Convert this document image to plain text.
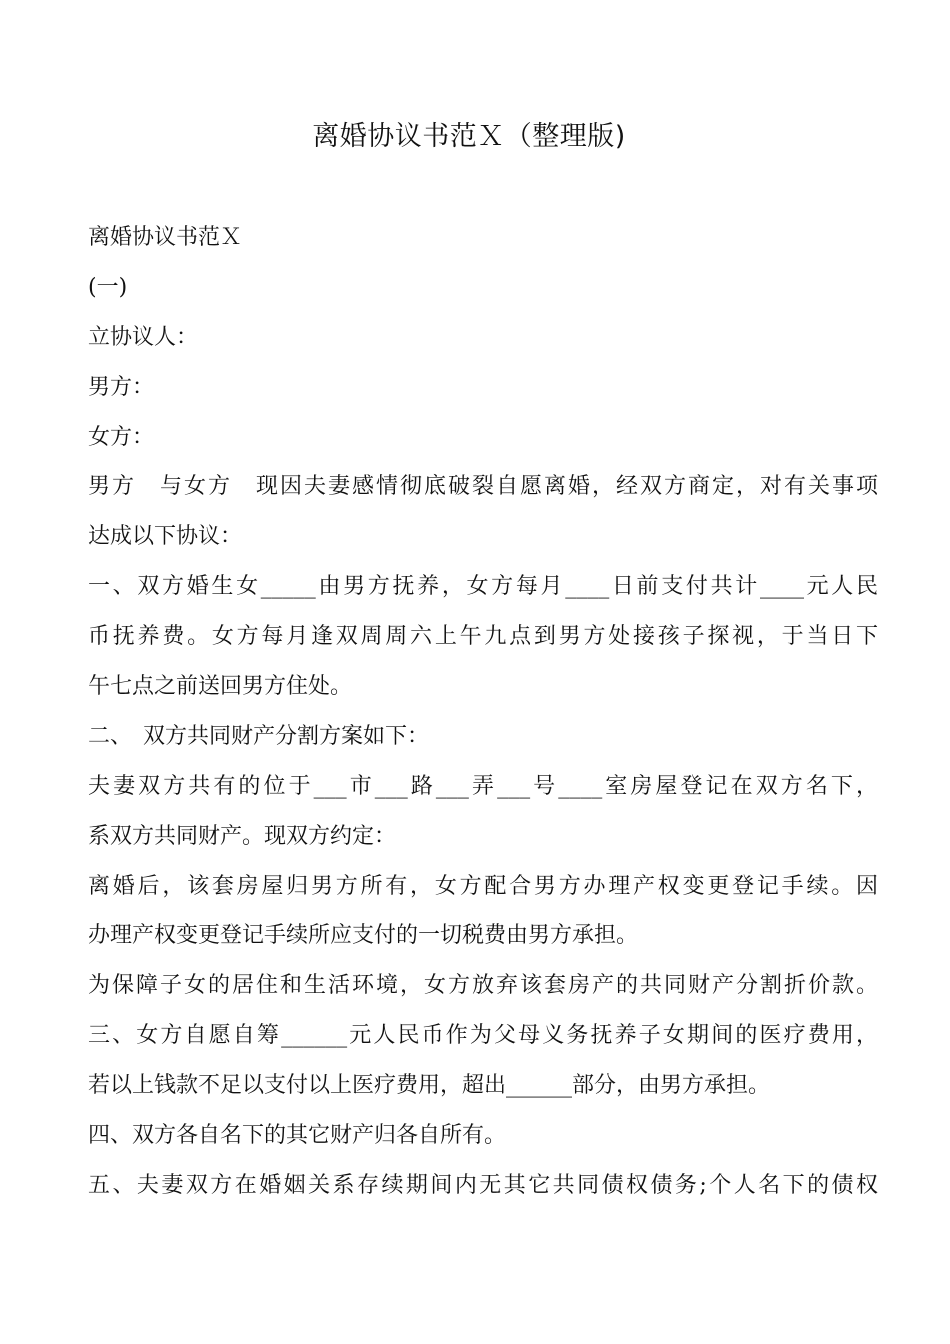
离婚协议书范Ｘ（整理版)
离婚协议书范Ｘ
(一)
立协议人：
男方：
女方：
男方　与女方　现因夫妻感情彻底破裂自愿离婚，经双方商定，对有关事项
达成以下协议：
一、双方婚生女_____由男方抚养，女方每月____日前支付共计____元人民
币抚养费。女方每月逢双周周六上午九点到男方处接孩子探视，于当日下
午七点之前送回男方住处。
二、　双方共同财产分割方案如下：
夫妻双方共有的位于___市___路___弄___号____室房屋登记在双方名下，
系双方共同财产。现双方约定：
离婚后，该套房屋归男方所有，女方配合男方办理产权变更登记手续。因
办理产权变更登记手续所应支付的一切税费由男方承担。
为保障子女的居住和生活环境，女方放弃该套房产的共同财产分割折价款。
三、女方自愿自筹______元人民币作为父母义务抚养子女期间的医疗费用，
若以上钱款不足以支付以上医疗费用，超出______部分，由男方承担。
四、双方各自名下的其它财产归各自所有。
五、夫妻双方在婚姻关系存续期间内无其它共同债权债务;个人名下的债权
